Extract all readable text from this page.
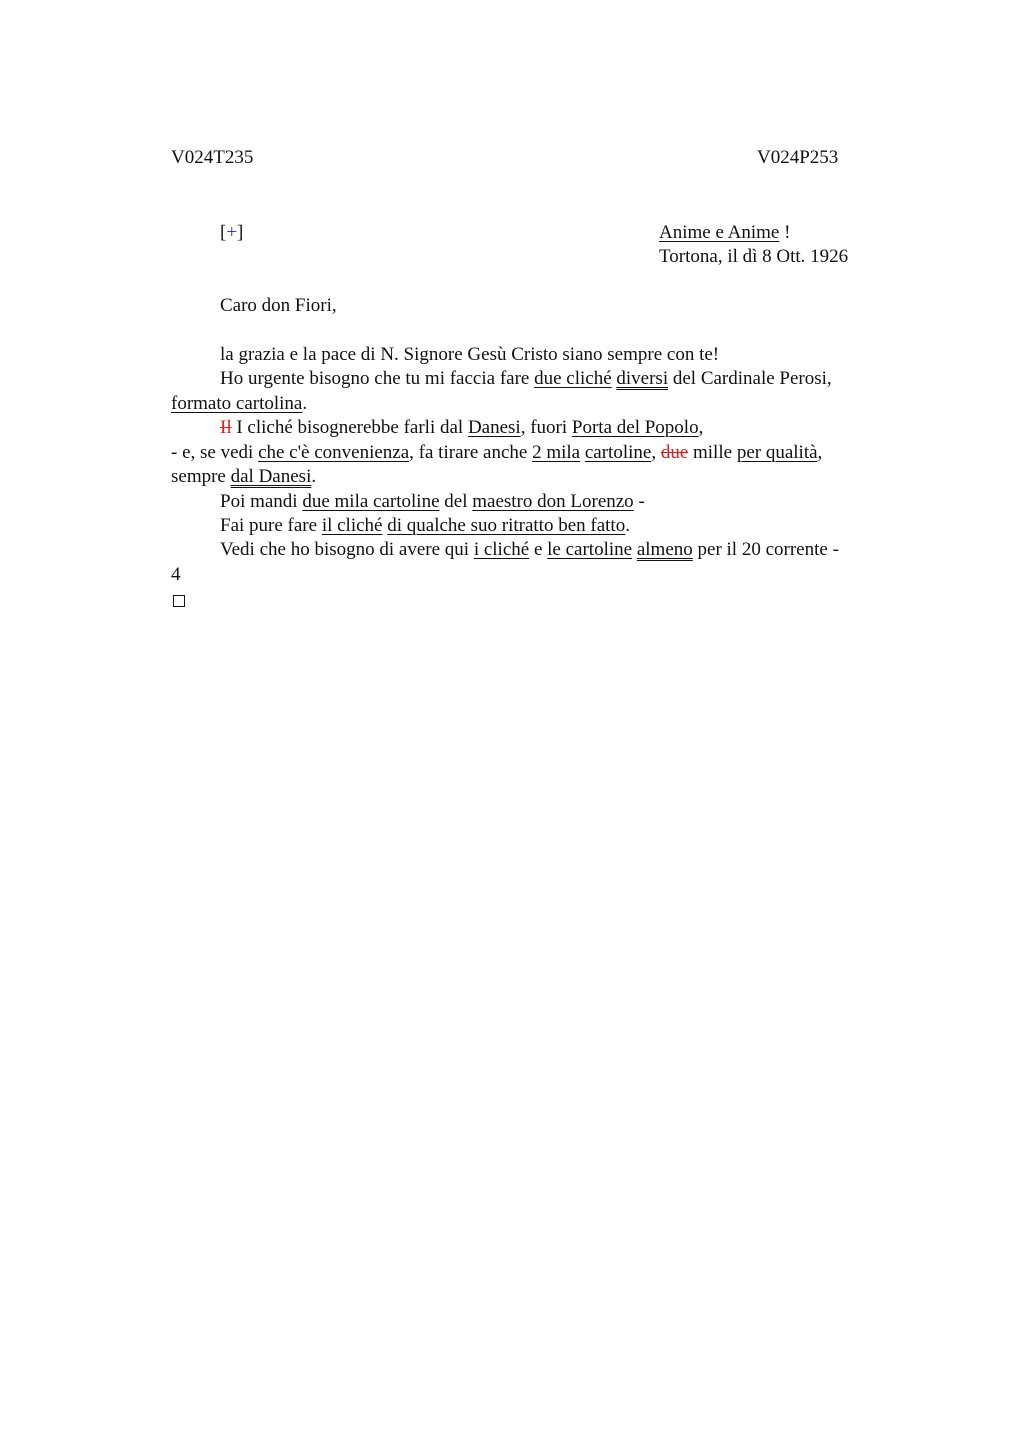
V024T235	V024P253
[+]	Anime e Anime !
Tortona, il dì 8 Ott. 1926
Caro don Fiori,
la grazia e la pace di N. Signore Gesù Cristo siano sempre con te!
Ho urgente bisogno che tu mi faccia fare due cliché diversi del Cardinale Perosi,
formato cartolina.
Il I cliché bisognerebbe farli dal Danesi, fuori Porta del Popolo,
- e, se vedi che c'è convenienza, fa tirare anche 2 mila cartoline, due mille per qualità,
sempre dal Danesi.
Poi mandi due mila cartoline del maestro don Lorenzo -
Fai pure fare il cliché di qualche suo ritratto ben fatto.
Vedi che ho bisogno di avere qui i cliché e le cartoline almeno per il 20 corrente -
4
